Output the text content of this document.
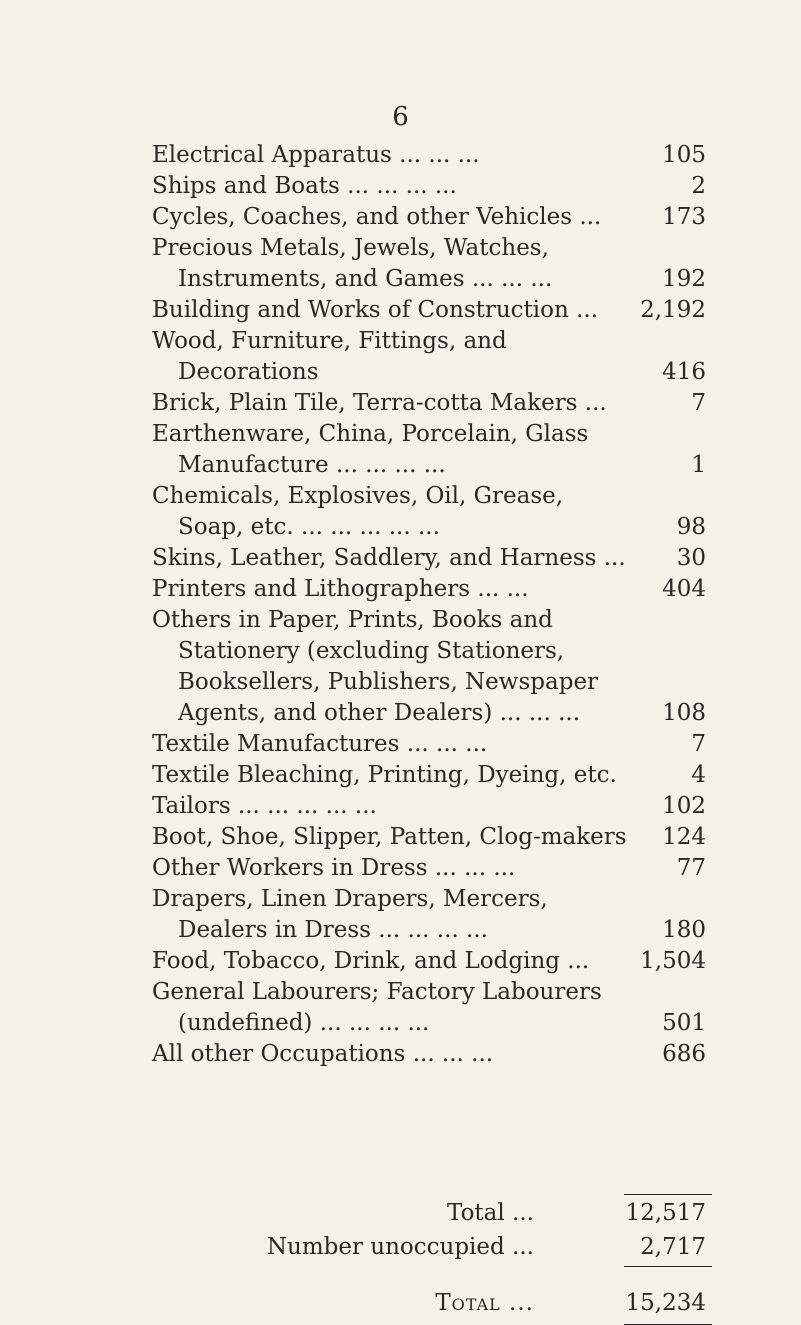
6
Electrical Apparatus ... ... ...	105
Ships and Boats ... ... ... ...	2
Cycles, Coaches, and other Vehicles ...	173
Precious Metals, Jewels, Watches, Instruments, and Games ... ... ...	192
Building and Works of Construction ...	2,192
Wood, Furniture, Fittings, and Decorations	416
Brick, Plain Tile, Terra-cotta Makers ...	7
Earthenware, China, Porcelain, Glass Manufacture ... ... ... ...	1
Chemicals, Explosives, Oil, Grease, Soap, etc. ... ... ... ... ...	98
Skins, Leather, Saddlery, and Harness ...	30
Printers and Lithographers ... ...	404
Others in Paper, Prints, Books and Stationery (excluding Stationers, Booksellers, Publishers, Newspaper Agents, and other Dealers) ... ... ...	108
Textile Manufactures ... ... ...	7
Textile Bleaching, Printing, Dyeing, etc.	4
Tailors ... ... ... ... ...	102
Boot, Shoe, Slipper, Patten, Clog-makers	124
Other Workers in Dress ... ... ...	77
Drapers, Linen Drapers, Mercers, Dealers in Dress ... ... ... ...	180
Food, Tobacco, Drink, and Lodging ...	1,504
General Labourers; Factory Labourers (undefined) ... ... ... ...	501
All other Occupations ... ... ...	686
Total ...	12,517
Number unoccupied ...	2,717
Total ...	15,234
